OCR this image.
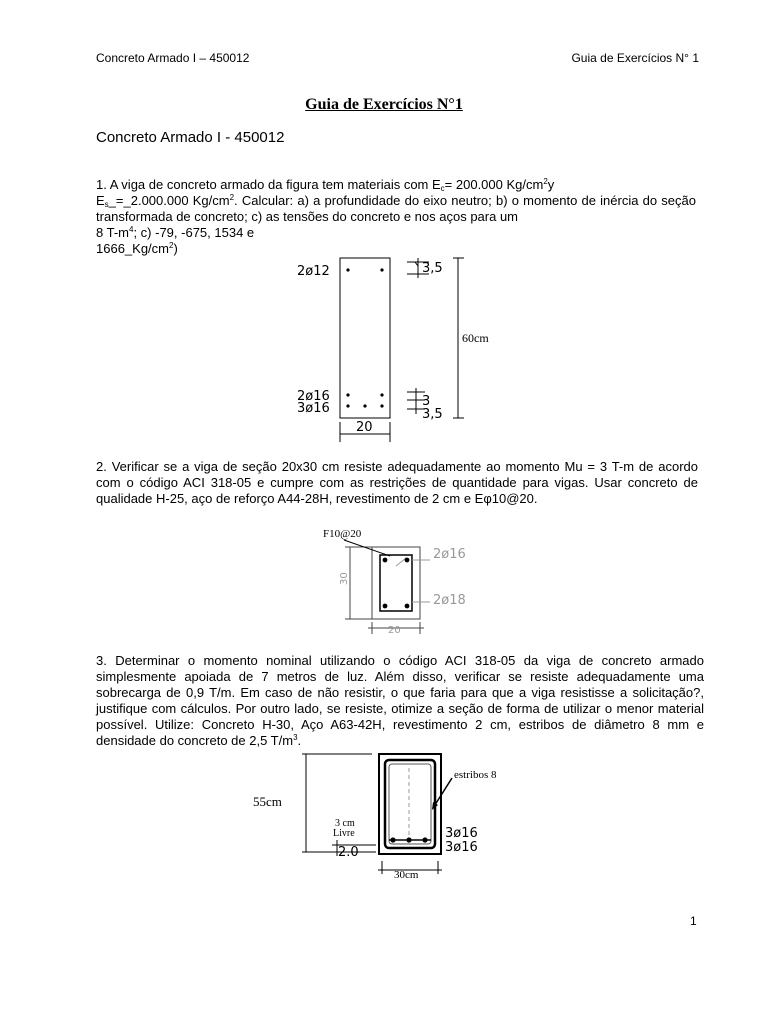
Concreto Armado I – 450012	Guia de Exercícios N° 1
Guia de Exercícios N°1
Concreto Armado I - 450012

1. A viga de concreto armado da figura tem materiais com $E_c= 200.000$ $Kg/cm^2y$
$E_s\_=\_2.000.000$ $Kg/cm^2$. Calcular: a) a profundidade do eixo neutro; b) o momento de inércia do seção transformada de concreto; c) as tensões do concreto e nos aços para um

8 $T-m^4$; c) -79, -675, 1534 e
$1666\_Kg/cm^2$)

2ø12
2ø16
3ø16
3,5
3
3,5
20
60cm
2. Verificar se a viga de seção 20x30 cm resiste adequadamente ao momento Mu = 3 T-m de acordo com o código ACI 318-05 e cumpre com as restrições de quantidade para vigas. Usar concreto de qualidade H-25, aço de reforço A44-28H, revestimento de 2 cm e Eφ10@20.
F10@20
2ø16
2ø18
30
20

3. Determinar o momento nominal utilizando o código ACI 318-05 da viga de concreto armado simplesmente apoiada de 7 metros de luz. Além disso, verificar se resiste adequadamente uma sobrecarga de 0,9 T/m. Em caso de não resistir, o que faria para que a viga resistisse a solicitação?, justifique com cálculos. Por outro lado, se resiste, otimize a seção de forma de utilizar o menor material possível. Utilize: Concreto H-30, Aço A63-42H, revestimento 2 cm, estribos de diâmetro 8 mm e densidade do concreto de 2,5 $T/m^3$.

55cm
estribos 8
3 cm
Livre
30cm
2.0
3ø16
3ø16
1
